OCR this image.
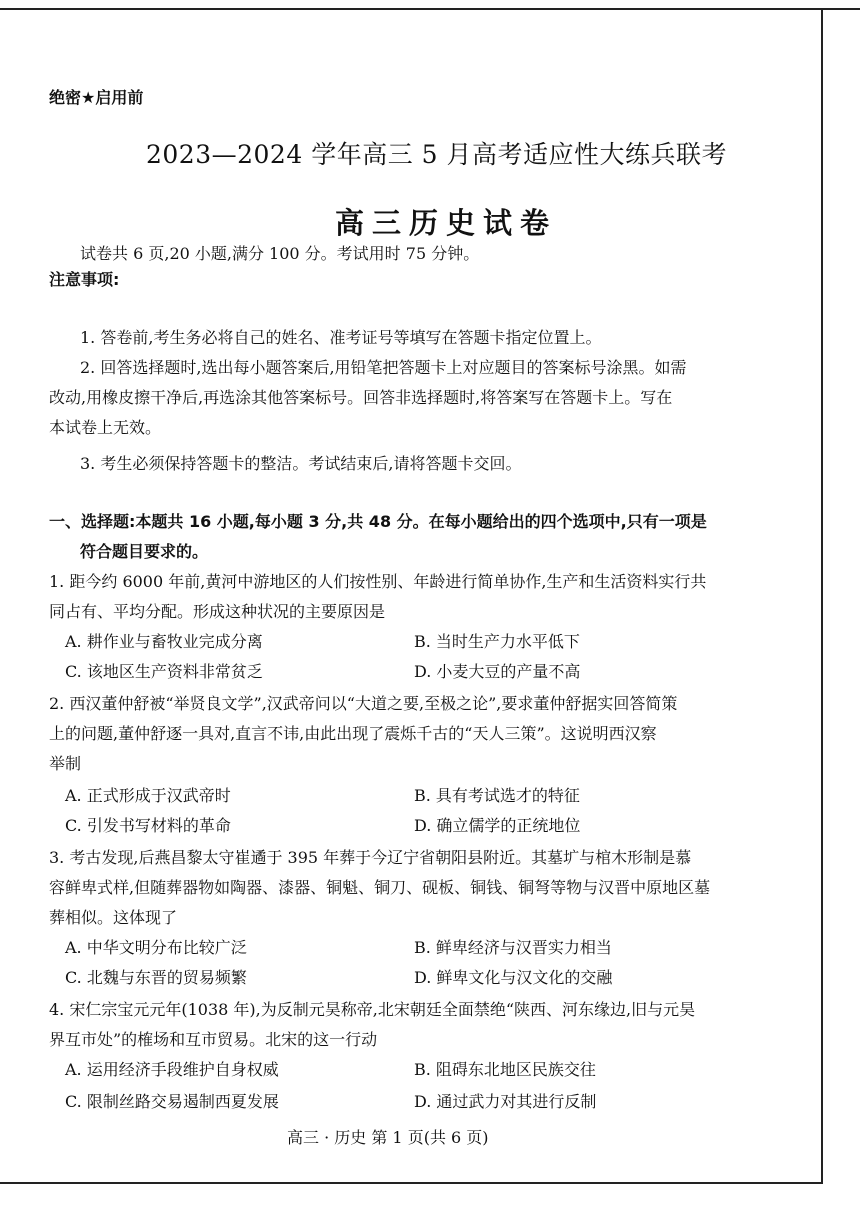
绝密★启用前
2023—2024 学年高三 5 月高考适应性大练兵联考
高三历史试卷
试卷共 6 页,20 小题,满分 100 分。考试用时 75 分钟。
注意事项:
1. 答卷前,考生务必将自己的姓名、准考证号等填写在答题卡指定位置上。
2. 回答选择题时,选出每小题答案后,用铅笔把答题卡上对应题目的答案标号涂黑。如需
改动,用橡皮擦干净后,再选涂其他答案标号。回答非选择题时,将答案写在答题卡上。写在
本试卷上无效。
3. 考生必须保持答题卡的整洁。考试结束后,请将答题卡交回。
一、选择题:本题共 16 小题,每小题 3 分,共 48 分。在每小题给出的四个选项中,只有一项是
符合题目要求的。
1. 距今约 6000 年前,黄河中游地区的人们按性别、年龄进行简单协作,生产和生活资料实行共
同占有、平均分配。形成这种状况的主要原因是
A. 耕作业与畜牧业完成分离	B. 当时生产力水平低下
C. 该地区生产资料非常贫乏	D. 小麦大豆的产量不高
2. 西汉董仲舒被“举贤良文学”,汉武帝问以“大道之要,至极之论”,要求董仲舒据实回答简策
上的问题,董仲舒逐一具对,直言不讳,由此出现了震烁千古的“天人三策”。这说明西汉察
举制
A. 正式形成于汉武帝时	B. 具有考试选才的特征
C. 引发书写材料的革命	D. 确立儒学的正统地位
3. 考古发现,后燕昌黎太守崔遹于 395 年葬于今辽宁省朝阳县附近。其墓圹与棺木形制是慕
容鲜卑式样,但随葬器物如陶器、漆器、铜魁、铜刀、砚板、铜钱、铜弩等物与汉晋中原地区墓
葬相似。这体现了
A. 中华文明分布比较广泛	B. 鲜卑经济与汉晋实力相当
C. 北魏与东晋的贸易频繁	D. 鲜卑文化与汉文化的交融
4. 宋仁宗宝元元年(1038 年),为反制元昊称帝,北宋朝廷全面禁绝“陕西、河东缘边,旧与元昊
界互市处”的榷场和互市贸易。北宋的这一行动
A. 运用经济手段维护自身权威	B. 阻碍东北地区民族交往
C. 限制丝路交易遏制西夏发展	D. 通过武力对其进行反制
高三 · 历史 第 1 页(共 6 页)
